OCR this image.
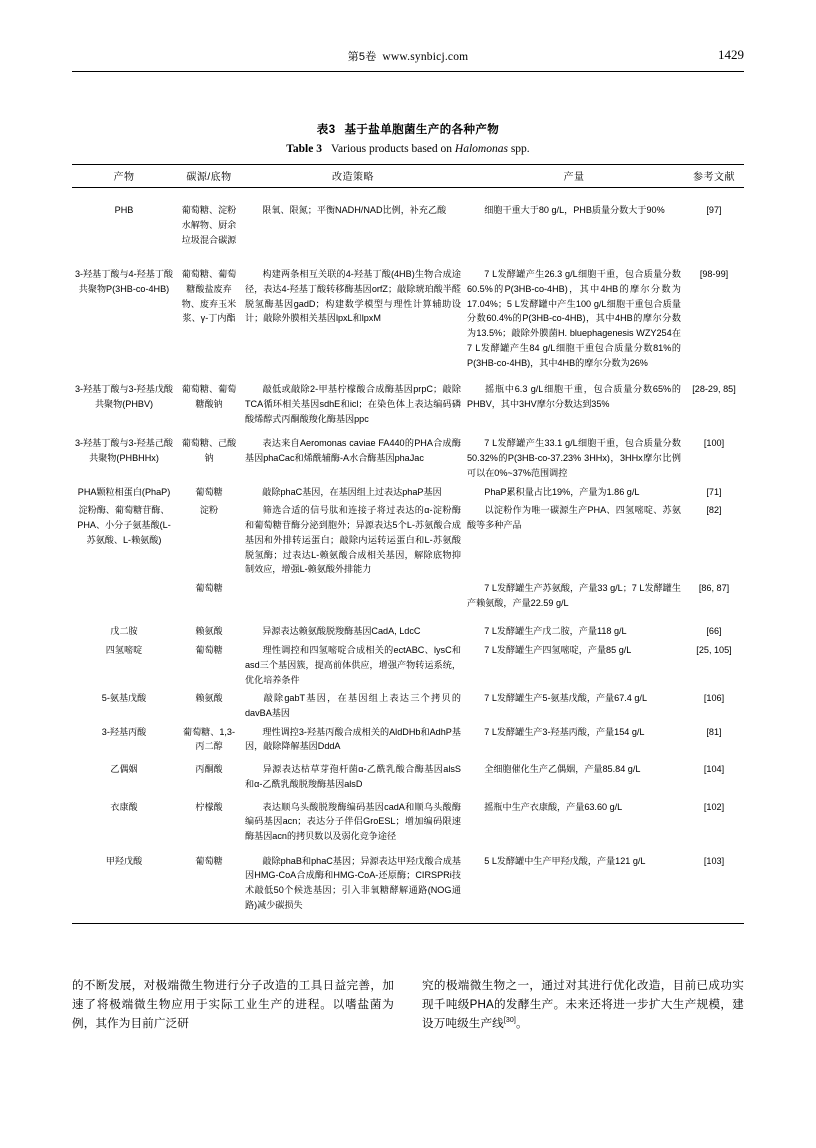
第5卷 www.synbicj.com	1429
表3 基于盐单胞菌生产的各种产物
Table 3 Various products based on Halomonas spp.
产物	碳源/底物	改造策略	产量	参考文献

PHB	葡萄糖、淀粉水解物、厨余垃圾混合碳源	限氧、限氮；平衡NADH/NAD比例，补充乙酸	细胞干重大于80 g/L，PHB质量分数大于90%	[97]

3-羟基丁酸与4-羟基丁酸共聚物P(3HB-co-4HB)	葡萄糖、葡萄糖酸盐废弃物、废弃玉米浆、γ-丁内酯	构建两条相互关联的4-羟基丁酸(4HB)生物合成途径，表达4-羟基丁酸转移酶基因orfZ；敲除琥珀酸半醛脱氢酶基因gadD；构建数学模型与理性计算辅助设计；敲除外膜相关基因lpxL和lpxM	7 L发酵罐产生26.3 g/L细胞干重，包合质量分数60.5%的P(3HB-co-4HB)，其中4HB的摩尔分数为17.04%；5 L发酵罐中产生100 g/L细胞干重包合质量分数60.4%的P(3HB-co-4HB)，其中4HB的摩尔分数为13.5%；敲除外膜菌H. bluephagenesis WZY254在7 L发酵罐产生84 g/L细胞干重包合质量分数81%的P(3HB-co-4HB)，其中4HB的摩尔分数为26%	[98-99]

3-羟基丁酸与3-羟基戊酸共聚物(PHBV)	葡萄糖、葡萄糖酸钠	敲低或敲除2-甲基柠檬酸合成酶基因prpC；敲除TCA循环相关基因sdhE和icl；在染色体上表达编码磷酸烯醇式丙酮酸羧化酶基因ppc	摇瓶中6.3 g/L细胞干重，包合质量分数65%的PHBV，其中3HV摩尔分数达到35%	[28-29, 85]

3-羟基丁酸与3-羟基己酸共聚物(PHBHHx)	葡萄糖、己酸钠	表达来自Aeromonas caviae FA440的PHA合成酶基因phaCac和烯酰辅酶-A水合酶基因phaJac	7 L发酵罐产生33.1 g/L细胞干重，包合质量分数50.32%的P(3HB-co-37.23% 3HHx)，3HHx摩尔比例可以在0%~37%范围调控	[100]
PHA颗粒相蛋白(PhaP)	葡萄糖	敲除phaC基因，在基因组上过表达phaP基因	PhaP累积量占比19%，产量为1.86 g/L	[71]
淀粉酶、葡萄糖苷酶、PHA、小分子氨基酸(L-苏氨酸、L-赖氨酸)	淀粉	筛选合适的信号肽和连接子将过表达的α-淀粉酶和葡萄糖苷酶分泌到胞外；异源表达5个L-苏氨酸合成基因和外排转运蛋白；敲除内运转运蛋白和L-苏氨酸脱氢酶；过表达L-赖氨酸合成相关基因，解除底物抑制效应，增强L-赖氨酸外排能力	以淀粉作为唯一碳源生产PHA、四氢嘧啶、苏氨酸等多种产品	[82]
	葡萄糖		7 L发酵罐生产苏氨酸，产量33 g/L；7 L发酵罐生产赖氨酸，产量22.59 g/L	[86, 87]

戊二胺	赖氨酸	异源表达赖氨酸脱羧酶基因CadA, LdcC	7 L发酵罐生产戊二胺，产量118 g/L	[66]
四氢嘧啶	葡萄糖	理性调控和四氢嘧啶合成相关的ectABC、lysC和asd三个基因簇，提高前体供应，增强产物转运系统，优化培养条件	7 L发酵罐生产四氢嘧啶，产量85 g/L	[25, 105]
5-氨基戊酸	赖氨酸	敲除gabT基因，在基因组上表达三个拷贝的davBA基因	7 L发酵罐生产5-氨基戊酸，产量67.4 g/L	[106]
3-羟基丙酸	葡萄糖、1,3-丙二醇	理性调控3-羟基丙酸合成相关的AldDHb和AdhP基因，敲除降解基因DddA	7 L发酵罐生产3-羟基丙酸，产量154 g/L	[81]

乙偶姻	丙酮酸	异源表达枯草芽孢杆菌α-乙酰乳酸合酶基因alsS和α-乙酰乳酸脱羧酶基因alsD	全细胞催化生产乙偶姻，产量85.84 g/L	[104]

衣康酸	柠檬酸	表达顺乌头酸脱羧酶编码基因cadA和顺乌头酸酶编码基因acn；表达分子伴侣GroESL；增加编码限速酶基因acn的拷贝数以及弱化竞争途径	摇瓶中生产衣康酸，产量63.60 g/L	[102]

甲羟戊酸	葡萄糖	敲除phaB和phaC基因；异源表达甲羟戊酸合成基因HMG-CoA合成酶和HMG-CoA-还原酶；CIRSPRi技术敲低50个候选基因；引入非氧糖酵解通路(NOG通路)减少碳损失	5 L发酵罐中生产甲羟戊酸，产量121 g/L	[103]

的不断发展，对极端微生物进行分子改造的工具日益完善，加速了将极端微生物应用于实际工业生产的进程。以嗜盐菌为例，其作为目前广泛研
究的极端微生物之一，通过对其进行优化改造，目前已成功实现千吨级PHA的发酵生产。未来还将进一步扩大生产规模，建设万吨级生产线[30]。
